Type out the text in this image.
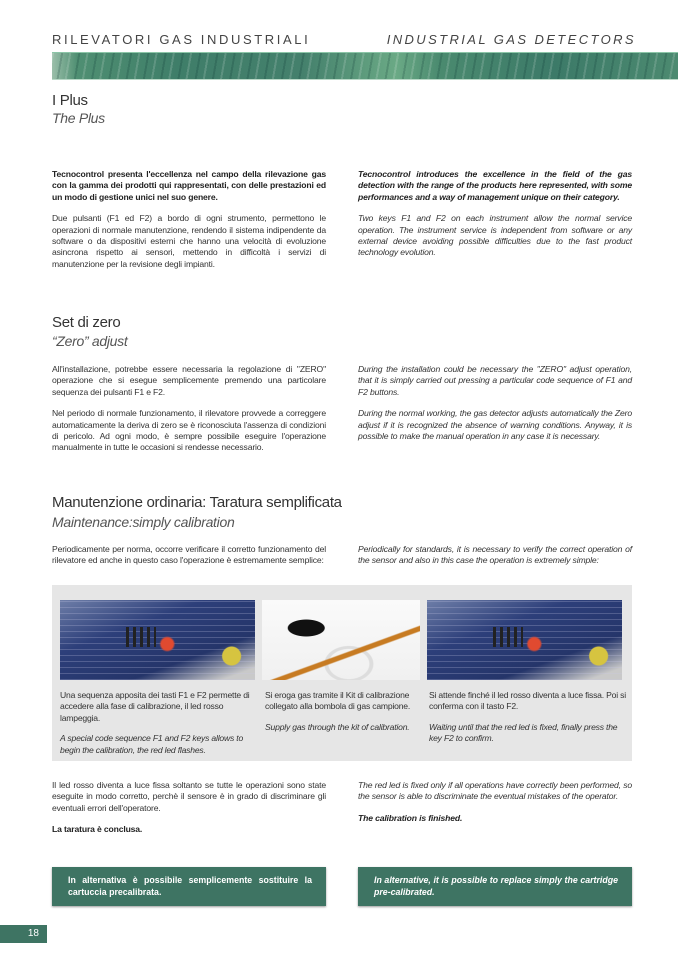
RILEVATORI GAS INDUSTRIALI	INDUSTRIAL GAS DETECTORS
I Plus
The Plus

Tecnocontrol presenta l'eccellenza nel campo della rilevazione gas con la gamma dei prodotti qui rappresentati, con delle prestazioni ed un modo di gestione unici nel suo genere.

Due pulsanti (F1 ed F2) a bordo di ogni strumento, permettono le operazioni di normale manutenzione, rendendo il sistema indipendente da software o da dispositivi esterni che hanno una velocità di evoluzione asincrona rispetto ai sensori, mettendo in difficoltà i servizi di manutenzione per la revisione degli impianti.

Tecnocontrol introduces the excellence in the field of the gas detection with the range of the products here represented, with some performances and a way of management unique on their category.

Two keys F1 and F2 on each instrument allow the normal service operation. The instrument service is independent from software or any external device avoiding possible difficulties due to the fast product technology evolution.

Set di zero
“Zero” adjust

All'installazione, potrebbe essere necessaria la regolazione di "ZERO" operazione che si esegue semplicemente premendo una particolare sequenza dei pulsanti F1 e F2.

Nel periodo di normale funzionamento, il rilevatore provvede a correggere automaticamente la deriva di zero se è riconosciuta l'assenza di condizioni di pericolo. Ad ogni modo, è sempre possibile eseguire l'operazione manualmente in tutte le occasioni si rendesse necessario.

During the installation could be necessary the "ZERO" adjust operation, that it is simply carried out pressing a particular code sequence of F1 and F2 buttons.

During the normal working, the gas detector adjusts automatically the Zero adjust if it is recognized the absence of warning conditions. Anyway, it is possible to make the manual operation in any case it is necessary.

Manutenzione ordinaria: Taratura semplificata
Maintenance:simply calibration
Periodicamente per norma, occorre verificare il corretto funzionamento del rilevatore ed anche in questo caso l'operazione è estremamente semplice:
Periodically for standards, it is necessary to verify the correct operation of the sensor and also in this case the operation is extremely simple:

Una sequenza apposita dei tasti F1 e F2 permette di accedere alla fase di calibrazione, il led rosso lampeggia.

A special code sequence F1 and F2 keys allows to begin the calibration, the red led flashes.

Si eroga gas tramite il Kit di calibrazione collegato alla bombola di gas campione.

Supply gas through the kit of calibration.

Si attende finché il led rosso diventa a luce fissa. Poi si conferma con il tasto F2.

Waiting until that the red led is fixed, finally press the key F2 to confirm.

Il led rosso diventa a luce fissa soltanto se tutte le operazioni sono state eseguite in modo corretto, perchè il sensore è in grado di discriminare gli eventuali errori dell'operatore.

La taratura è conclusa.

The red led is fixed only if all operations have correctly been performed, so the sensor is able to discriminate the eventual mistakes of the operator.

The calibration is finished.

In alternativa è possibile semplicemente sostituire la cartuccia precalibrata.
In alternative, it is possible to replace simply the cartridge pre-calibrated.
18
